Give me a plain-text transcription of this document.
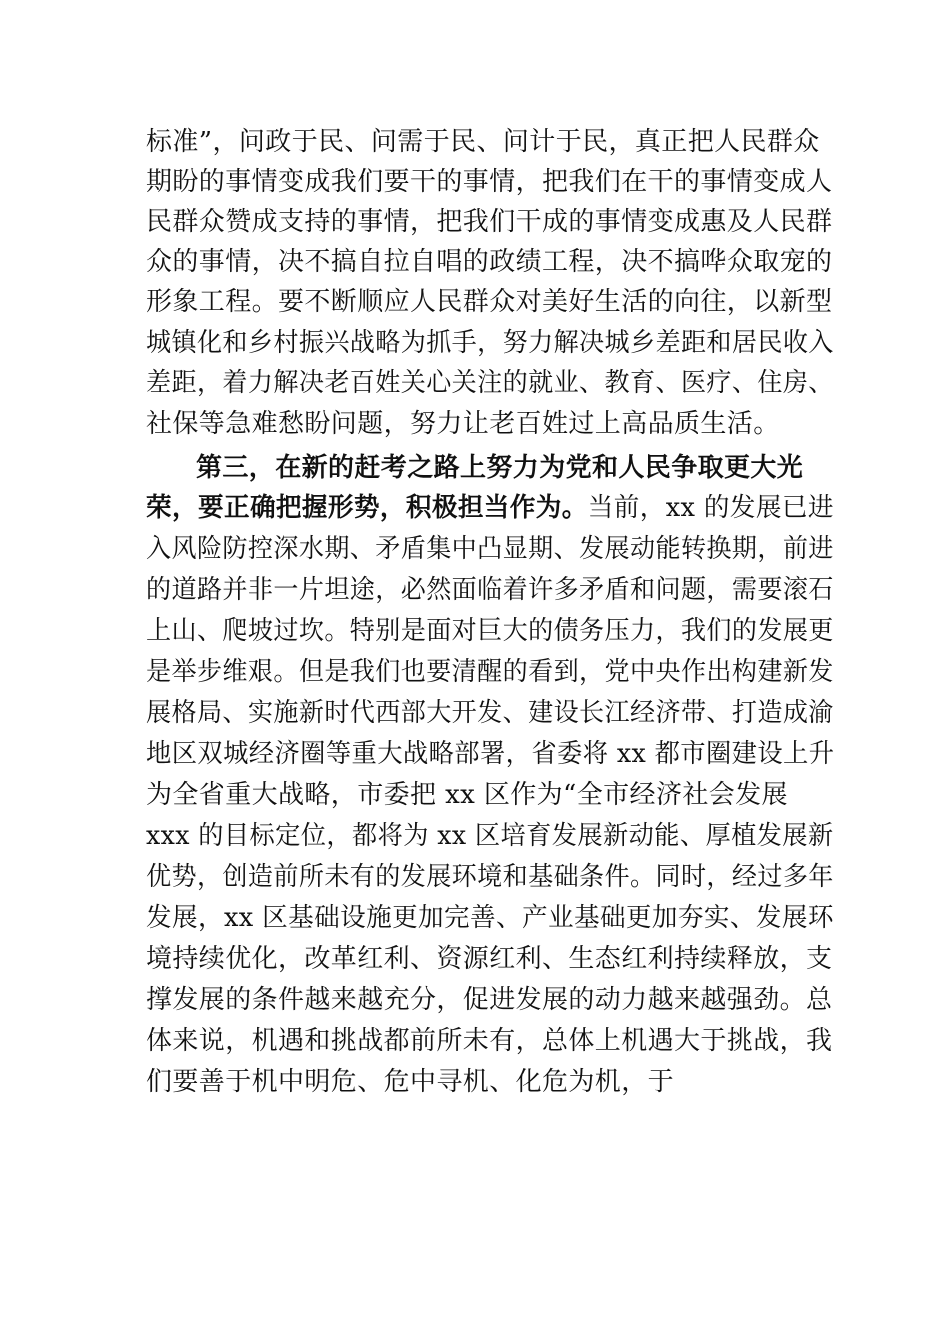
标准”，问政于民、问需于民、问计于民，真正把人民群众
期盼的事情变成我们要干的事情，把我们在干的事情变成人
民群众赞成支持的事情，把我们干成的事情变成惠及人民群
众的事情，决不搞自拉自唱的政绩工程，决不搞哗众取宠的
形象工程。要不断顺应人民群众对美好生活的向往，以新型
城镇化和乡村振兴战略为抓手，努力解决城乡差距和居民收入
差距，着力解决老百姓关心关注的就业、教育、医疗、住房、
社保等急难愁盼问题，努力让老百姓过上高品质生活。
第三，在新的赶考之路上努力为党和人民争取更大光
荣，要正确把握形势，积极担当作为。当前，xx 的发展已进
入风险防控深水期、矛盾集中凸显期、发展动能转换期，前进
的道路并非一片坦途，必然面临着许多矛盾和问题，需要滚石
上山、爬坡过坎。特别是面对巨大的债务压力，我们的发展更
是举步维艰。但是我们也要清醒的看到，党中央作出构建新发
展格局、实施新时代西部大开发、建设长江经济带、打造成渝
地区双城经济圈等重大战略部署，省委将 xx 都市圈建设上升
为全省重大战略，市委把 xx 区作为“全市经济社会发展
xxx 的目标定位，都将为 xx 区培育发展新动能、厚植发展新
优势，创造前所未有的发展环境和基础条件。同时，经过多年
发展，xx 区基础设施更加完善、产业基础更加夯实、发展环
境持续优化，改革红利、资源红利、生态红利持续释放，支
撑发展的条件越来越充分，促进发展的动力越来越强劲。总
体来说，机遇和挑战都前所未有，总体上机遇大于挑战，我
们要善于机中明危、危中寻机、化危为机，于
